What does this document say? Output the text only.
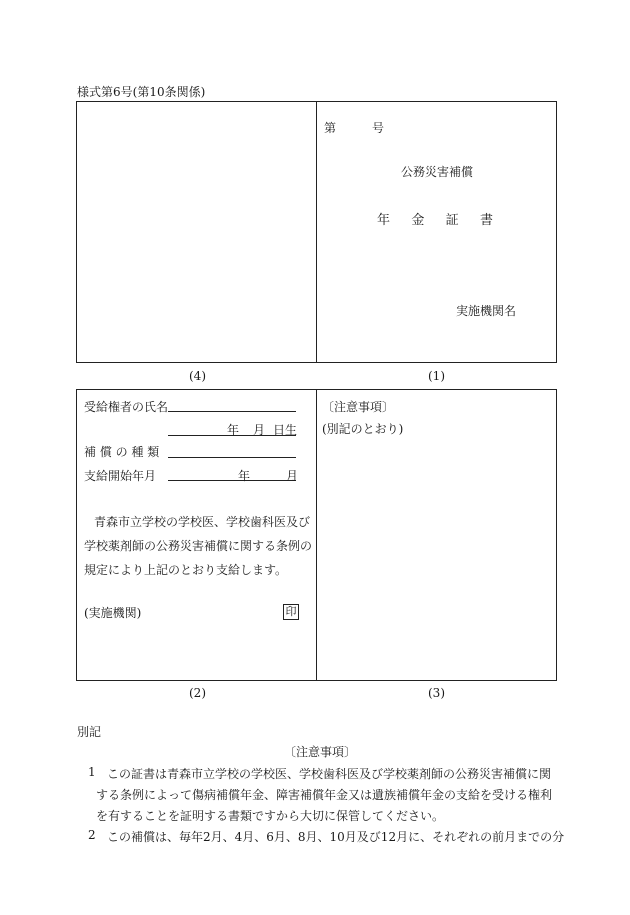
様式第6号(第10条関係)
第	号
公務災害補償
年 金 証 書
実施機関名
(4)	(1)
受給権者の氏名
年 月 日生
補 償 の 種 類
支給開始年月	年	月
青森市立学校の学校医、学校歯科医及び
学校薬剤師の公務災害補償に関する条例の
規定により上記のとおり支給します。
(実施機関)	印
〔注意事項〕
(別記のとおり)
(2)	(3)
別記
〔注意事項〕
1 この証書は青森市立学校の学校医、学校歯科医及び学校薬剤師の公務災害補償に関
する条例によって傷病補償年金、障害補償年金又は遺族補償年金の支給を受ける権利
を有することを証明する書類ですから大切に保管してください。
2 この補償は、毎年2月、4月、6月、8月、10月及び12月に、それぞれの前月までの分
